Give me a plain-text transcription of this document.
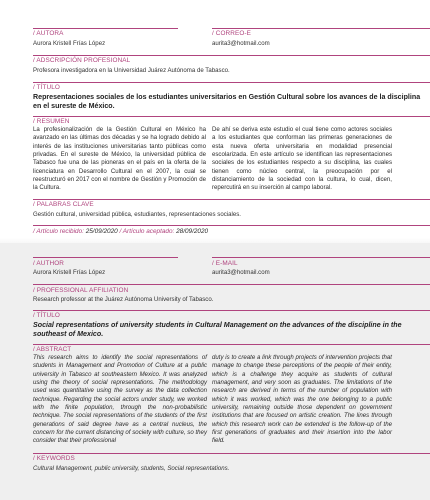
/ AUTORA
Aurora Kristell Frías López
/ CORREO-E
aurita3@hotmail.com
/ ADSCRIPCIÓN PROFESIONAL
Profesora investigadora en la Universidad Juárez Autónoma de Tabasco.
/ TÍTULO
Representaciones sociales de los estudiantes universitarios en Gestión Cultural sobre los avances de la disciplina en el sureste de México.
/ RESUMEN
La profesionalización de la Gestión Cultural en México ha avanzado en las últimas dos décadas y se ha logrado debido al interés de las instituciones universitarias tanto públicas como privadas. En el sureste de México, la universidad pública de Tabasco fue una de las pioneras en el país en la oferta de la licenciatura en Desarrollo Cultural en el 2007, la cual se reestructuró en 2017 con el nombre de Gestión y Promoción de la Cultura.
De ahí se deriva este estudio el cual tiene como actores sociales a los estudiantes que conforman las primeras generaciones de esta nueva oferta universitaria en modalidad presencial escolarizada. En este artículo se identifican las representaciones sociales de los estudiantes respecto a su disciplina, las cuales tienen como núcleo central, la preocupación por el distanciamiento de la sociedad con la cultura, lo cual, dicen, repercutirá en su inserción al campo laboral.
/ PALABRAS CLAVE
Gestión cultural, universidad pública, estudiantes, representaciones sociales.
/ Artículo recibido: 25/09/2020 / Artículo aceptado: 28/09/2020
/ AUTHOR
Aurora Kristell Frías López
/ E-MAIL
aurita3@hotmail.com
/ PROFESSIONAL AFFILIATION
Research professor at the Juárez Autónoma University of Tabasco.
/ TÍTULO
Social representations of university students in Cultural Management on the advances of the discipline in the southeast of Mexico.
/ ABSTRACT
This research aims to identify the social representations of students in Management and Promotion of Culture at a public university in Tabasco at southeastern Mexico. It was analyzed using the theory of social representations. The methodology used was quantitative using the survey as the data collection technique. Regarding the social actors under study, we worked with the finite population, through the non-probabilistic technique. The social representations of the students of the first generations of said degree have as a central nucleus, the concern for the current distancing of society with culture, so they consider that their professional
duty is to create a link through projects of intervention projects that manage to change these perceptions of the people of their entity, which is a challenge they acquire as students of cultural management, and very soon as graduates. The limitations of the research are derived in terms of the number of population with which it was worked, which was the one belonging to a public university, remaining outside those dependent on government institutions that are focused on artistic creation. The lines through which this research work can be extended is the follow-up of the first generations of graduates and their insertion into the labor field.
/ KEYWORDS
Cultural Management, public university, students, Social representations.
